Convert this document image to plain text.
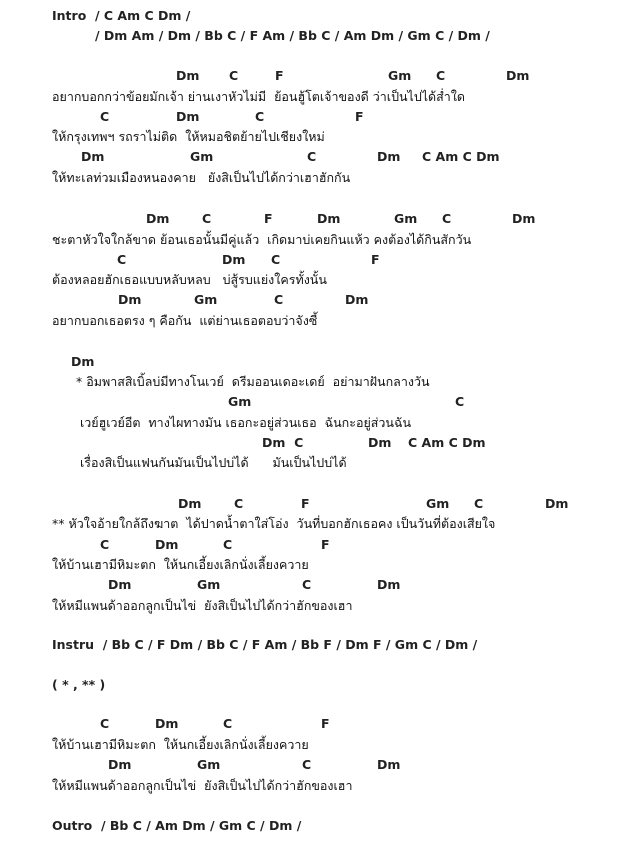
Intro  / C Am C Dm /

/ Dm Am / Dm / Bb C / F Am / Bb C / Am Dm / Gm C / Dm /

Dm

C

	F

	Gm

C

	Dm

อยากบอกกว่าข้อยมักเจ้า ย่านเงาหัวไม่มี  ย้อนฮู้โตเจ้าของดี ว่าเป็นไปได้ส่ำใด

C

	Dm

	C

	F

ให้กรุงเทพฯ รถราไม่ติด  ให้หมอชิตย้ายไปเชียงใหม่

Dm

	Gm

	C

	Dm

C Am C Dm

ให้ทะเลท่วมเมืองหนองคาย   ยังสิเป็นไปได้กว่าเฮาฮักกัน

Dm

	C

	F

	Dm

	Gm

C

	Dm

ชะตาหัวใจใกล้ขาด ย้อนเธอนั้นมีคู่แล้ว  เกิดมาบ่เคยกินแห้ว คงต้องได้กินสักวัน

C

	Dm

C

	F

ต้องหลอยฮักเธอแบบหลับหลบ   บ่สู้รบแย่งใครทั้งนั้น

Dm

	Gm

	C

	Dm

อยากบอกเธอตรง ๆ คือกัน  แต่ย่านเธอตอบว่าจังซี้

Dm

* อิมพาสสิเบิ้ลบ่มีทางโนเวย์  ดรีมออนเดอะเดย์  อย่ามาฝันกลางวัน

Gm

	C

เวย์ฮูเวย์อีต  ทางไผทางมัน เธอกะอยู่ส่วนเธอ  ฉันกะอยู่ส่วนฉัน

Dm  C

	Dm

C Am C Dm

เรื่องสิเป็นแฟนกันมันเป็นไปบ่ได้      มันเป็นไปบ่ได้

Dm

	C

	F

	Gm

C

	Dm

** หัวใจอ้ายใกล้ถึงฆาต  ได้ปาดน้ำตาใส่โอ่ง  วันที่บอกฮักเธอคง เป็นวันที่ต้องเสียใจ

C

	Dm

	C

	F

ให้บ้านเฮามีหิมะตก  ให้นกเอี้ยงเลิกนั่งเลี้ยงควาย

Dm

	Gm

	C

	Dm

ให้หมีแพนด้าออกลูกเป็นไข่  ยังสิเป็นไปได้กว่าฮักของเฮา

Instru  / Bb C / F Dm / Bb C / F Am / Bb F / Dm F / Gm C / Dm /

( * , ** )

C

	Dm

	C

	F

ให้บ้านเฮามีหิมะตก  ให้นกเอี้ยงเลิกนั่งเลี้ยงควาย

Dm

	Gm

	C

	Dm

ให้หมีแพนด้าออกลูกเป็นไข่  ยังสิเป็นไปได้กว่าฮักของเฮา

Outro  / Bb C / Am Dm / Gm C / Dm /
